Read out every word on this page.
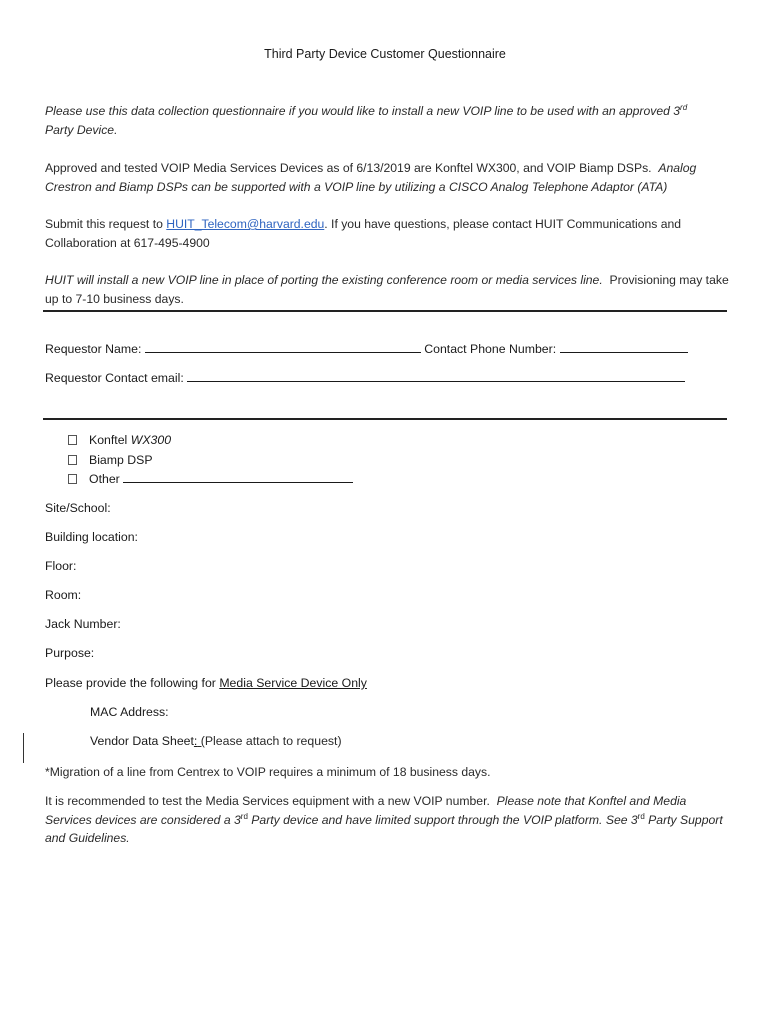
Third Party Device Customer Questionnaire
Please use this data collection questionnaire if you would like to install a new VOIP line to be used with an approved 3rd
Party Device.
Approved and tested VOIP Media Services Devices as of 6/13/2019 are Konftel WX300, and VOIP Biamp DSPs. Analog Crestron and Biamp DSPs can be supported with a VOIP line by utilizing a CISCO Analog Telephone Adaptor (ATA)
Submit this request to HUIT_Telecom@harvard.edu. If you have questions, please contact HUIT Communications and Collaboration at 617-495-4900
HUIT will install a new VOIP line in place of porting the existing conference room or media services line. Provisioning may take up to 7-10 business days.
Requestor Name:	Contact Phone Number:
Requestor Contact email:
Konftel WX300
Biamp DSP
Other
Site/School:
Building location:
Floor:
Room:
Jack Number:
Purpose:
Please provide the following for Media Service Device Only
MAC Address:
Vendor Data Sheet: (Please attach to request)
*Migration of a line from Centrex to VOIP requires a minimum of 18 business days.
It is recommended to test the Media Services equipment with a new VOIP number. Please note that Konftel and Media Services devices are considered a 3rd Party device and have limited support through the VOIP platform. See 3rd Party Support and Guidelines.
